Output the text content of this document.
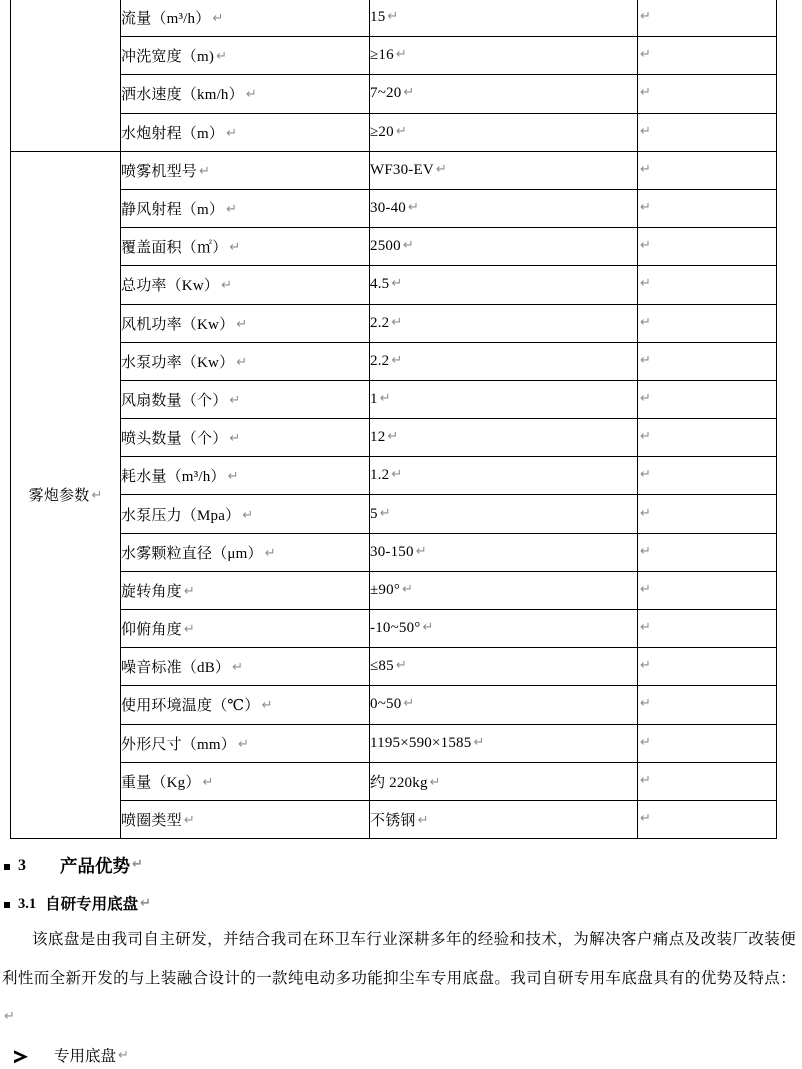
	流量（m³/h） ↵	15 ↵	↵
	冲洗宽度（m) ↵	≥16 ↵	↵
	洒水速度（km/h） ↵	7~20 ↵	↵
	水炮射程（m） ↵	≥20 ↵	↵
雾炮参数 ↵	喷雾机型号 ↵	WF30-EV ↵	↵
	静风射程（m） ↵	30-40 ↵	↵
	覆盖面积（㎡） ↵	2500 ↵	↵
	总功率（Kw） ↵	4.5 ↵	↵
	风机功率（Kw） ↵	2.2 ↵	↵
	水泵功率（Kw） ↵	2.2 ↵	↵
	风扇数量（个） ↵	1 ↵	↵
	喷头数量（个） ↵	12 ↵	↵
	耗水量（m³/h） ↵	1.2 ↵	↵
	水泵压力（Mpa） ↵	5 ↵	↵
	水雾颗粒直径（μm） ↵	30-150 ↵	↵
	旋转角度 ↵	±90° ↵	↵
	仰俯角度 ↵	-10~50° ↵	↵
	噪音标准（dB） ↵	≤85 ↵	↵
	使用环境温度（℃） ↵	0~50 ↵	↵
	外形尺寸（mm） ↵	1195×590×1585 ↵	↵
	重量（Kg） ↵	约 220kg ↵	↵
	喷圈类型 ↵	不锈钢 ↵	↵
3 产品优势 ↵
3.1 自研专用底盘 ↵
该底盘是由我司自主研发，并结合我司在环卫车行业深耕多年的经验和技术，为解决客户痛点及改装厂改装便利性而全新开发的与上装融合设计的一款纯电动多功能抑尘车专用底盘。我司自研专用车底盘具有的优势及特点：↵
专用底盘 ↵
